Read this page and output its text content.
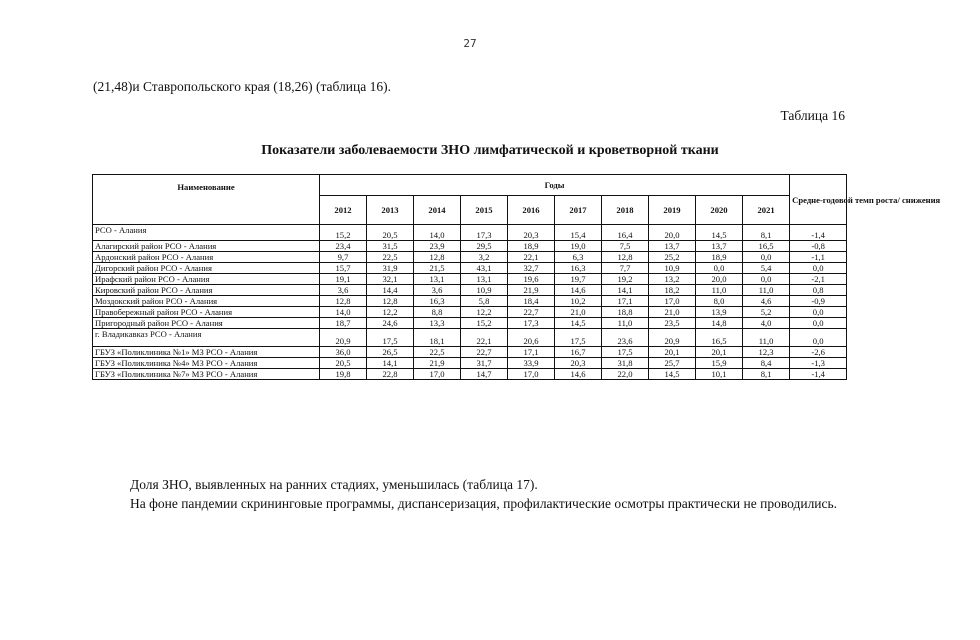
27
(21,48)и Ставропольского края (18,26) (таблица 16).
Таблица 16
Показатели заболеваемости ЗНО лимфатической и кроветворной ткани
Наименование	Годы										Средне-годовой темп роста/ снижения
	2012	2013	2014	2015	2016	2017	2018	2019	2020	2021	
РСО - Алания	15,2	20,5	14,0	17,3	20,3	15,4	16,4	20,0	14,5	8,1	-1,4
Алагирский район РСО - Алания	23,4	31,5	23,9	29,5	18,9	19,0	7,5	13,7	13,7	16,5	-0,8
Ардонский район РСО - Алания	9,7	22,5	12,8	3,2	22,1	6,3	12,8	25,2	18,9	0,0	-1,1
Дигорский район РСО - Алания	15,7	31,9	21,5	43,1	32,7	16,3	7,7	10,9	0,0	5,4	0,0
Ирафский район РСО - Алания	19,1	32,1	13,1	13,1	19,6	19,7	19,2	13,2	20,0	0,0	-2,1
Кировский район РСО - Алания	3,6	14,4	3,6	10,9	21,9	14,6	14,1	18,2	11,0	11,0	0,8
Моздокский район РСО - Алания	12,8	12,8	16,3	5,8	18,4	10,2	17,1	17,0	8,0	4,6	-0,9
Правобережный район РСО - Алания	14,0	12,2	8,8	12,2	22,7	21,0	18,8	21,0	13,9	5,2	0,0
Пригородный район РСО - Алания	18,7	24,6	13,3	15,2	17,3	14,5	11,0	23,5	14,8	4,0	0,0
г. Владикавказ РСО - Алания	20,9	17,5	18,1	22,1	20,6	17,5	23,6	20,9	16,5	11,0	0,0
ГБУЗ «Поликлиника №1» МЗ РСО - Алания	36,0	26,5	22,5	22,7	17,1	16,7	17,5	20,1	20,1	12,3	-2,6
ГБУЗ «Поликлиника №4» МЗ РСО - Алания	20,5	14,1	21,9	31,7	33,9	20,3	31,8	25,7	15,9	8,4	-1,3
ГБУЗ «Поликлиника №7» МЗ РСО - Алания	19,8	22,8	17,0	14,7	17,0	14,6	22,0	14,5	10,1	8,1	-1,4
Доля ЗНО, выявленных на ранних стадиях, уменьшилась (таблица 17).
На фоне пандемии скрининговые программы, диспансеризация, профилактические осмотры практически не проводились.
